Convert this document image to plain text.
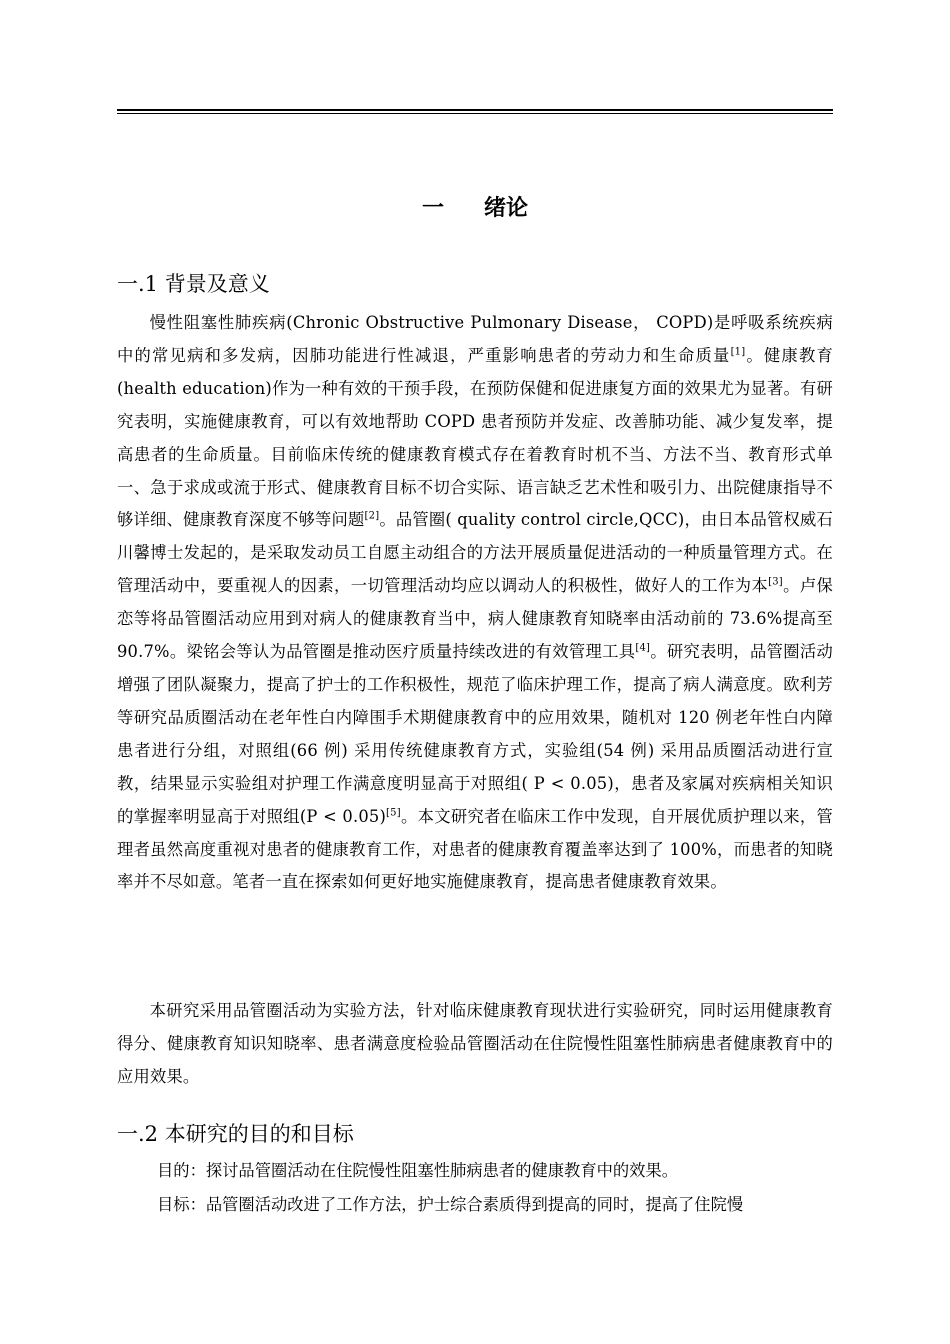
一 绪论
一.1 背景及意义
慢性阻塞性肺疾病(Chronic Obstructive Pulmonary Disease， COPD)是呼吸系统疾病中的常见病和多发病，因肺功能进行性减退，严重影响患者的劳动力和生命质量[1]。健康教育(health education)作为一种有效的干预手段，在预防保健和促进康复方面的效果尤为显著。有研究表明，实施健康教育，可以有效地帮助 COPD 患者预防并发症、改善肺功能、减少复发率，提高患者的生命质量。目前临床传统的健康教育模式存在着教育时机不当、方法不当、教育形式单一、急于求成或流于形式、健康教育目标不切合实际、语言缺乏艺术性和吸引力、出院健康指导不够详细、健康教育深度不够等问题[2]。品管圈( quality control circle,QCC)，由日本品管权威石川馨博士发起的，是采取发动员工自愿主动组合的方法开展质量促进活动的一种质量管理方式。在管理活动中，要重视人的因素，一切管理活动均应以调动人的积极性，做好人的工作为本[3]。卢保恋等将品管圈活动应用到对病人的健康教育当中，病人健康教育知晓率由活动前的 73.6%提高至 90.7%。梁铭会等认为品管圈是推动医疗质量持续改进的有效管理工具[4]。研究表明，品管圈活动增强了团队凝聚力，提高了护士的工作积极性，规范了临床护理工作，提高了病人满意度。欧利芳等研究品质圈活动在老年性白内障围手术期健康教育中的应用效果，随机对 120 例老年性白内障患者进行分组，对照组(66 例) 采用传统健康教育方式，实验组(54 例) 采用品质圈活动进行宣教，结果显示实验组对护理工作满意度明显高于对照组( P < 0.05)，患者及家属对疾病相关知识的掌握率明显高于对照组(P < 0.05)[5]。本文研究者在临床工作中发现，自开展优质护理以来，管理者虽然高度重视对患者的健康教育工作，对患者的健康教育覆盖率达到了 100%，而患者的知晓率并不尽如意。笔者一直在探索如何更好地实施健康教育，提高患者健康教育效果。
本研究采用品管圈活动为实验方法，针对临床健康教育现状进行实验研究，同时运用健康教育得分、健康教育知识知晓率、患者满意度检验品管圈活动在住院慢性阻塞性肺病患者健康教育中的应用效果。
一.2 本研究的目的和目标
目的：探讨品管圈活动在住院慢性阻塞性肺病患者的健康教育中的效果。
目标：品管圈活动改进了工作方法，护士综合素质得到提高的同时，提高了住院慢
